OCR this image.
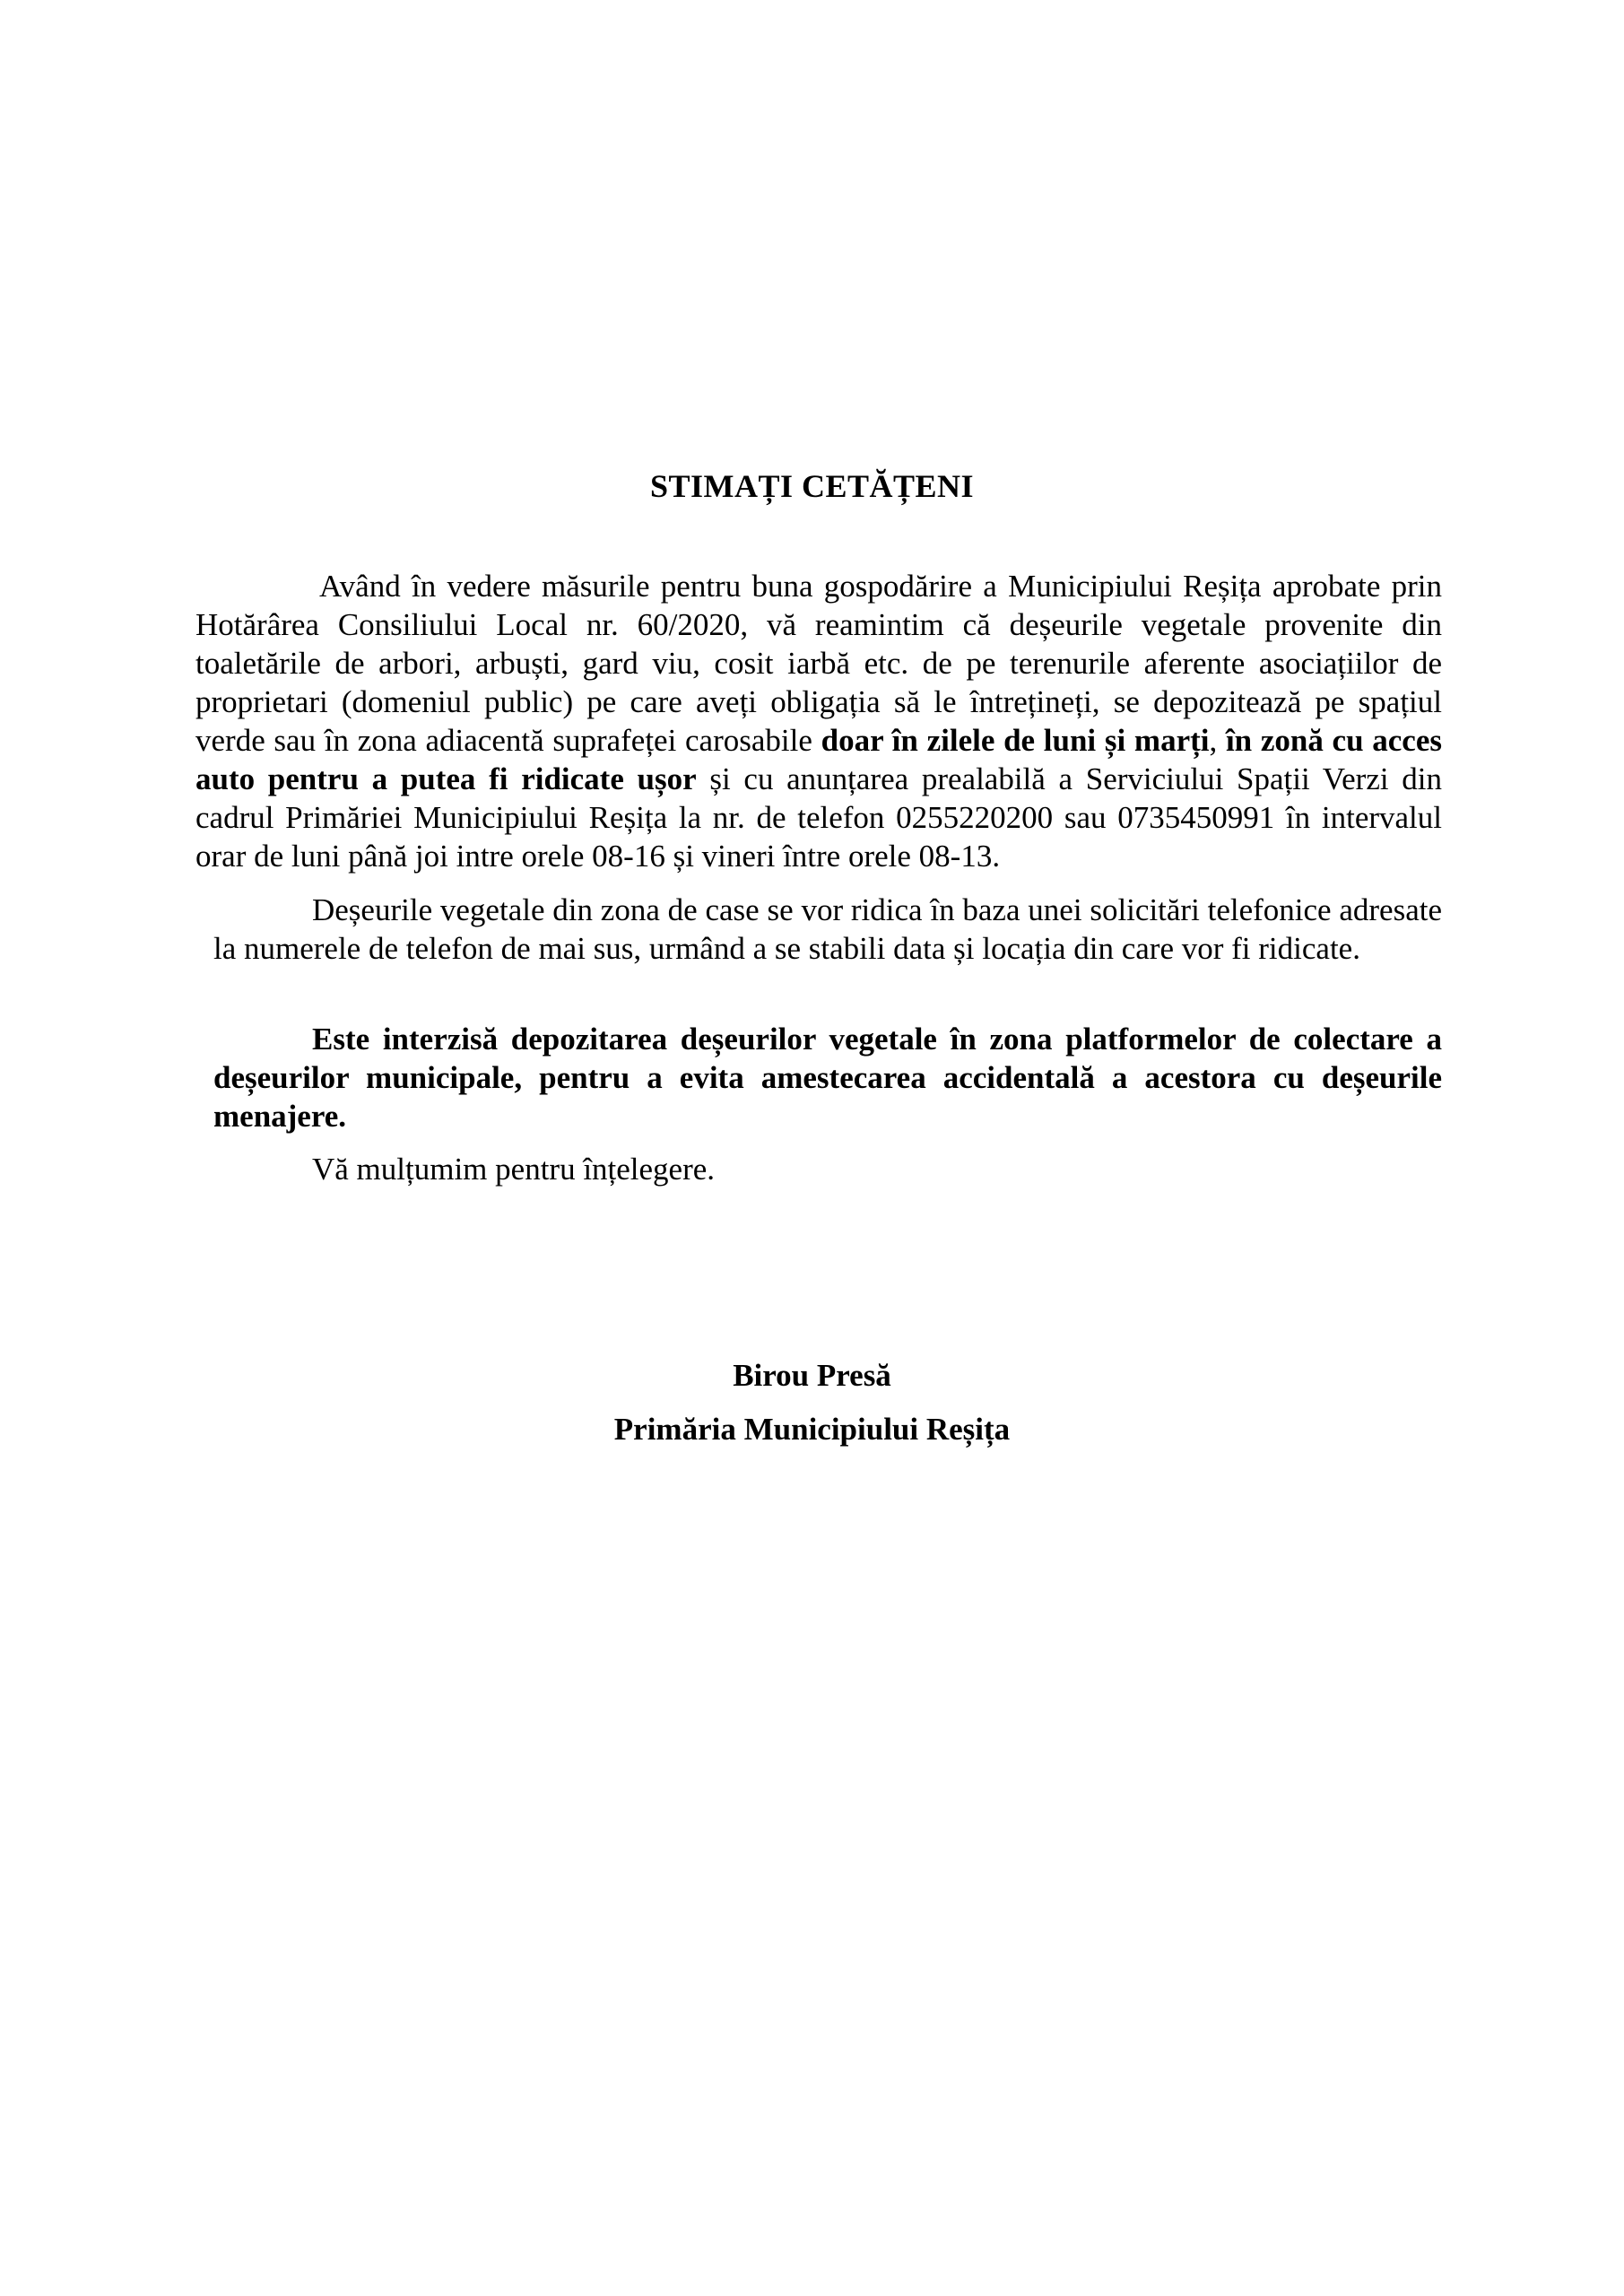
STIMAȚI CETĂȚENI

Având în vedere măsurile pentru buna gospodărire a Municipiului Reșița aprobate prin Hotărârea Consiliului Local nr. 60/2020, vă reamintim că deșeurile vegetale provenite din toaletările de arbori, arbuști, gard viu, cosit iarbă etc. de pe terenurile aferente asociațiilor de proprietari (domeniul public) pe care aveți obligația să le întrețineți, se depozitează pe spațiul verde sau în zona adiacentă suprafeței carosabile doar în zilele de luni și marți, în zonă cu acces auto pentru a putea fi ridicate ușor și cu anunțarea prealabilă a Serviciului Spații Verzi din cadrul Primăriei Municipiului Reșița la nr. de telefon 0255220200 sau 0735450991 în intervalul orar de luni până joi intre orele 08-16 și vineri între orele 08-13.

Deșeurile vegetale din zona de case se vor ridica în baza unei solicitări telefonice adresate la numerele de telefon de mai sus, urmând a se stabili data și locația din care vor fi ridicate.

Este interzisă depozitarea deșeurilor vegetale în zona platformelor de colectare a deșeurilor municipale, pentru a evita amestecarea accidentală a acestora cu deșeurile menajere.

Vă mulțumim pentru înțelegere.

Birou Presă
Primăria Municipiului Reșița
